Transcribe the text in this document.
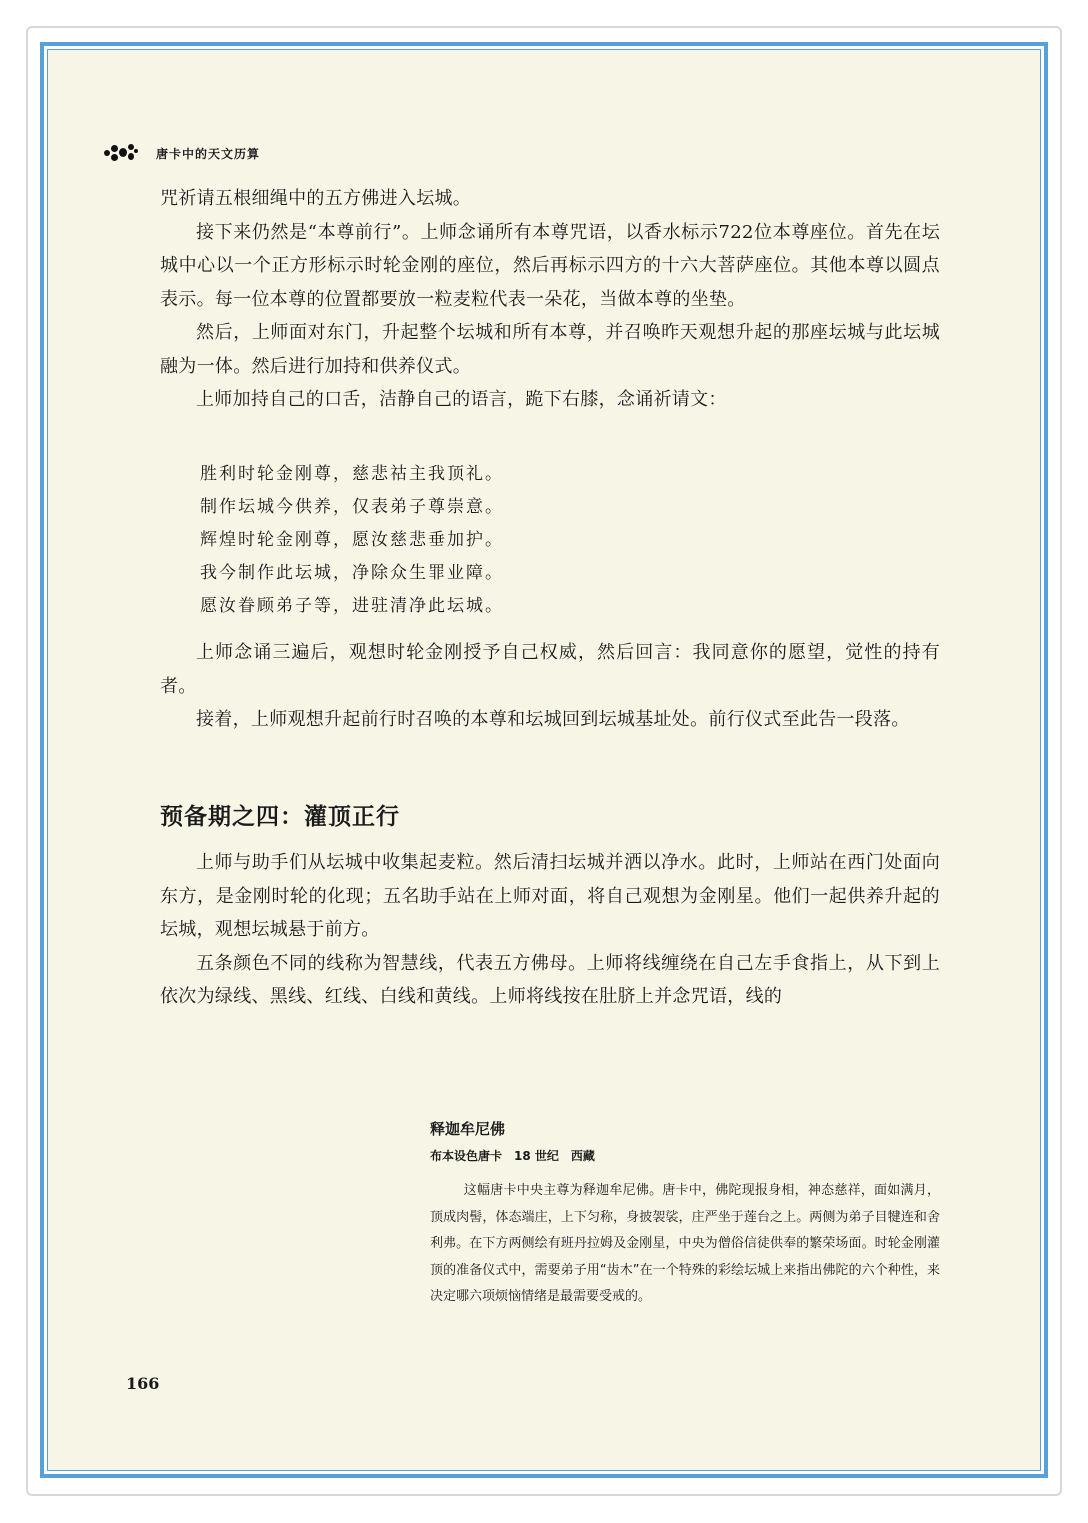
唐卡中的天文历算

咒祈请五根细绳中的五方佛进入坛城。

接下来仍然是“本尊前行”。上师念诵所有本尊咒语，以香水标示722位本尊座位。首先在坛城中心以一个正方形标示时轮金刚的座位，然后再标示四方的十六大菩萨座位。其他本尊以圆点表示。每一位本尊的位置都要放一粒麦粒代表一朵花，当做本尊的坐垫。

然后，上师面对东门，升起整个坛城和所有本尊，并召唤昨天观想升起的那座坛城与此坛城融为一体。然后进行加持和供养仪式。

上师加持自己的口舌，洁静自己的语言，跪下右膝，念诵祈请文：

胜利时轮金刚尊，慈悲祜主我顶礼。

制作坛城今供养，仅表弟子尊崇意。

辉煌时轮金刚尊，愿汝慈悲垂加护。

我今制作此坛城，净除众生罪业障。

愿汝眷顾弟子等，进驻清净此坛城。

上师念诵三遍后，观想时轮金刚授予自己权威，然后回言：我同意你的愿望，觉性的持有者。

接着，上师观想升起前行时召唤的本尊和坛城回到坛城基址处。前行仪式至此告一段落。

预备期之四：灌顶正行

上师与助手们从坛城中收集起麦粒。然后清扫坛城并洒以净水。此时，上师站在西门处面向东方，是金刚时轮的化现；五名助手站在上师对面，将自己观想为金刚星。他们一起供养升起的坛城，观想坛城悬于前方。

五条颜色不同的线称为智慧线，代表五方佛母。上师将线缠绕在自己左手食指上，从下到上依次为绿线、黑线、红线、白线和黄线。上师将线按在肚脐上并念咒语，线的

释迦牟尼佛
布本设色唐卡　18 世纪　西藏
这幅唐卡中央主尊为释迦牟尼佛。唐卡中，佛陀现报身相，神态慈祥，面如满月，顶成肉髻，体态端庄，上下匀称，身披袈裟，庄严坐于莲台之上。两侧为弟子目犍连和舍利弗。在下方两侧绘有班丹拉姆及金刚星，中央为僧俗信徒供奉的繁荣场面。时轮金刚灌顶的准备仪式中，需要弟子用“齿木”在一个特殊的彩绘坛城上来指出佛陀的六个种性，来决定哪六项烦恼情绪是最需要受戒的。
166
